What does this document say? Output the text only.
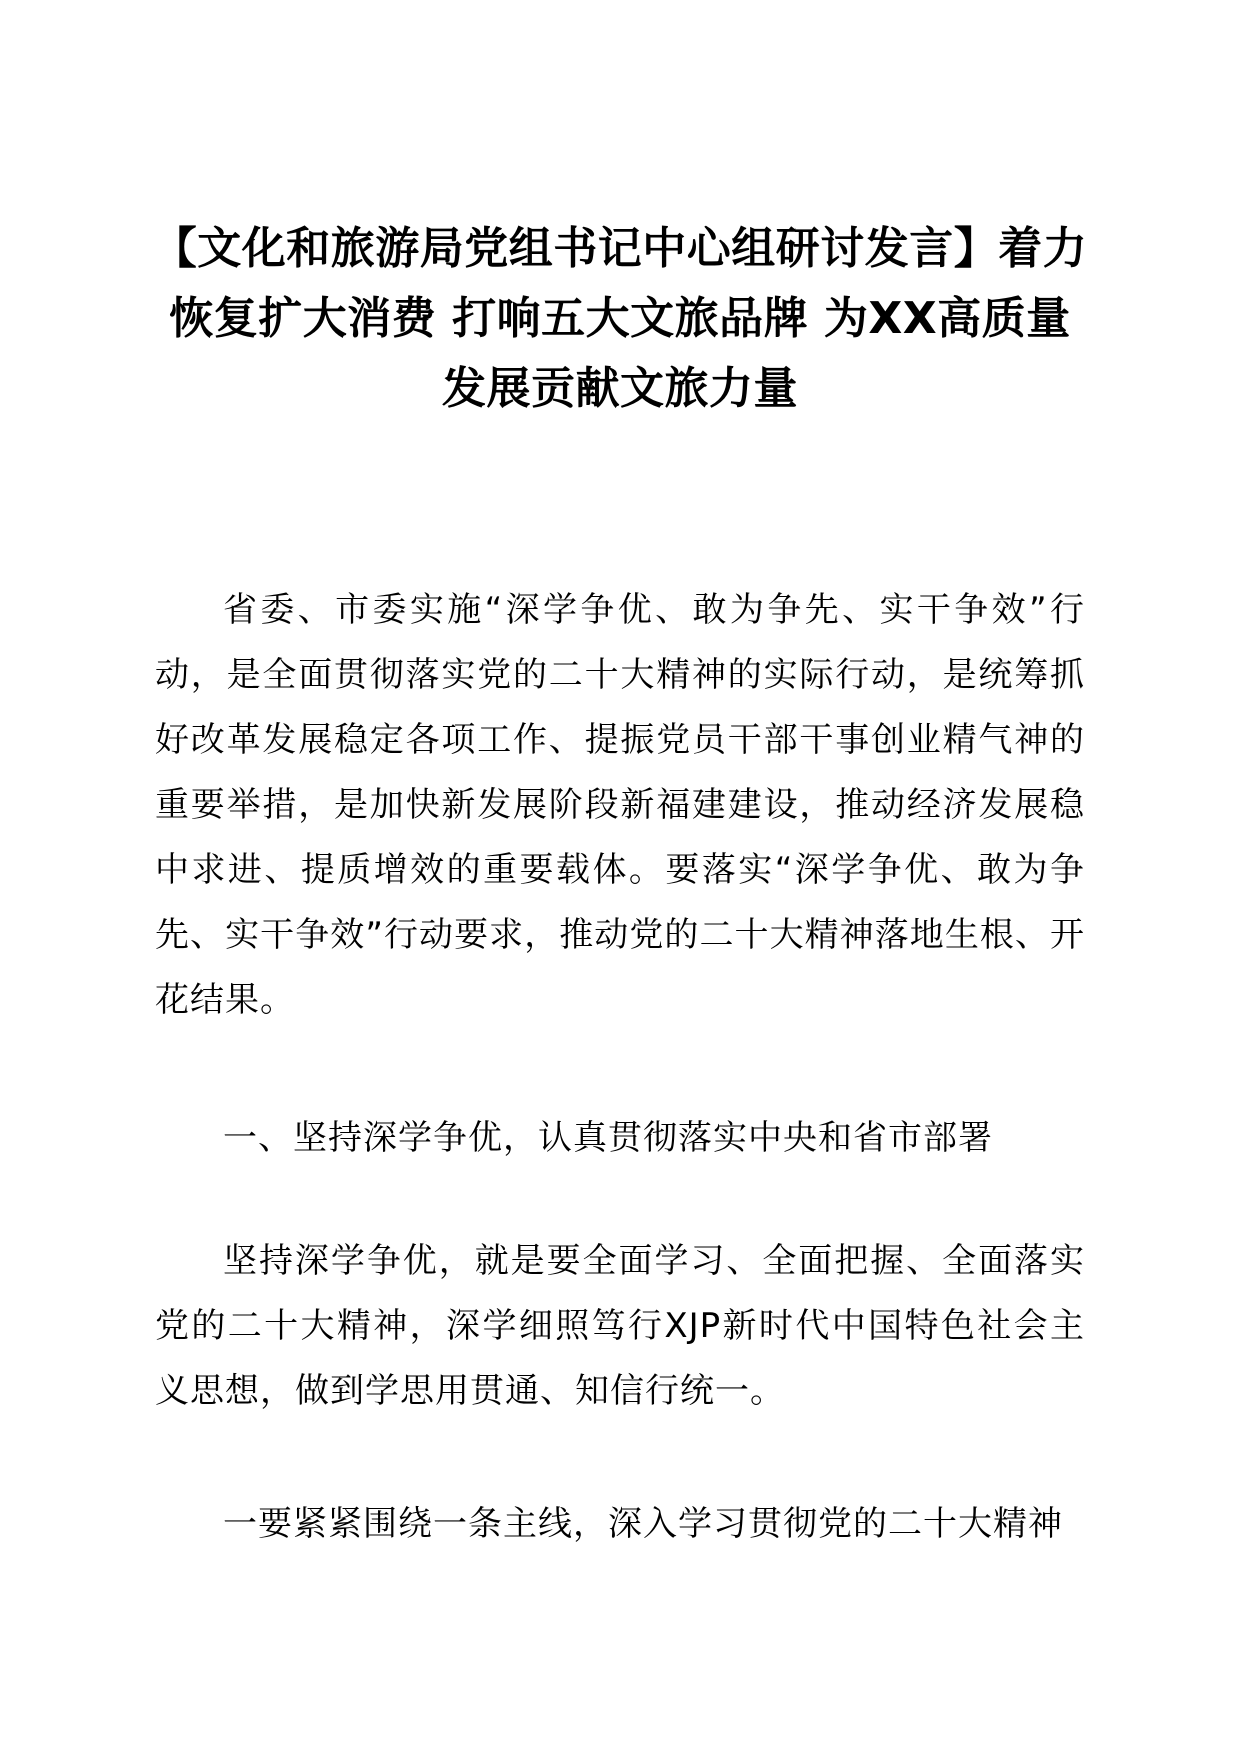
【文化和旅游局党组书记中心组研讨发言】着力恢复扩大消费 打响五大文旅品牌 为XX高质量发展贡献文旅力量

省委、市委实施“深学争优、敢为争先、实干争效”行动，是全面贯彻落实党的二十大精神的实际行动，是统筹抓好改革发展稳定各项工作、提振党员干部干事创业精气神的重要举措，是加快新发展阶段新福建建设，推动经济发展稳中求进、提质增效的重要载体。要落实“深学争优、敢为争先、实干争效”行动要求，推动党的二十大精神落地生根、开花结果。

一、坚持深学争优，认真贯彻落实中央和省市部署

坚持深学争优，就是要全面学习、全面把握、全面落实党的二十大精神，深学细照笃行XJP新时代中国特色社会主义思想，做到学思用贯通、知信行统一。

一要紧紧围绕一条主线，深入学习贯彻党的二十大精神
